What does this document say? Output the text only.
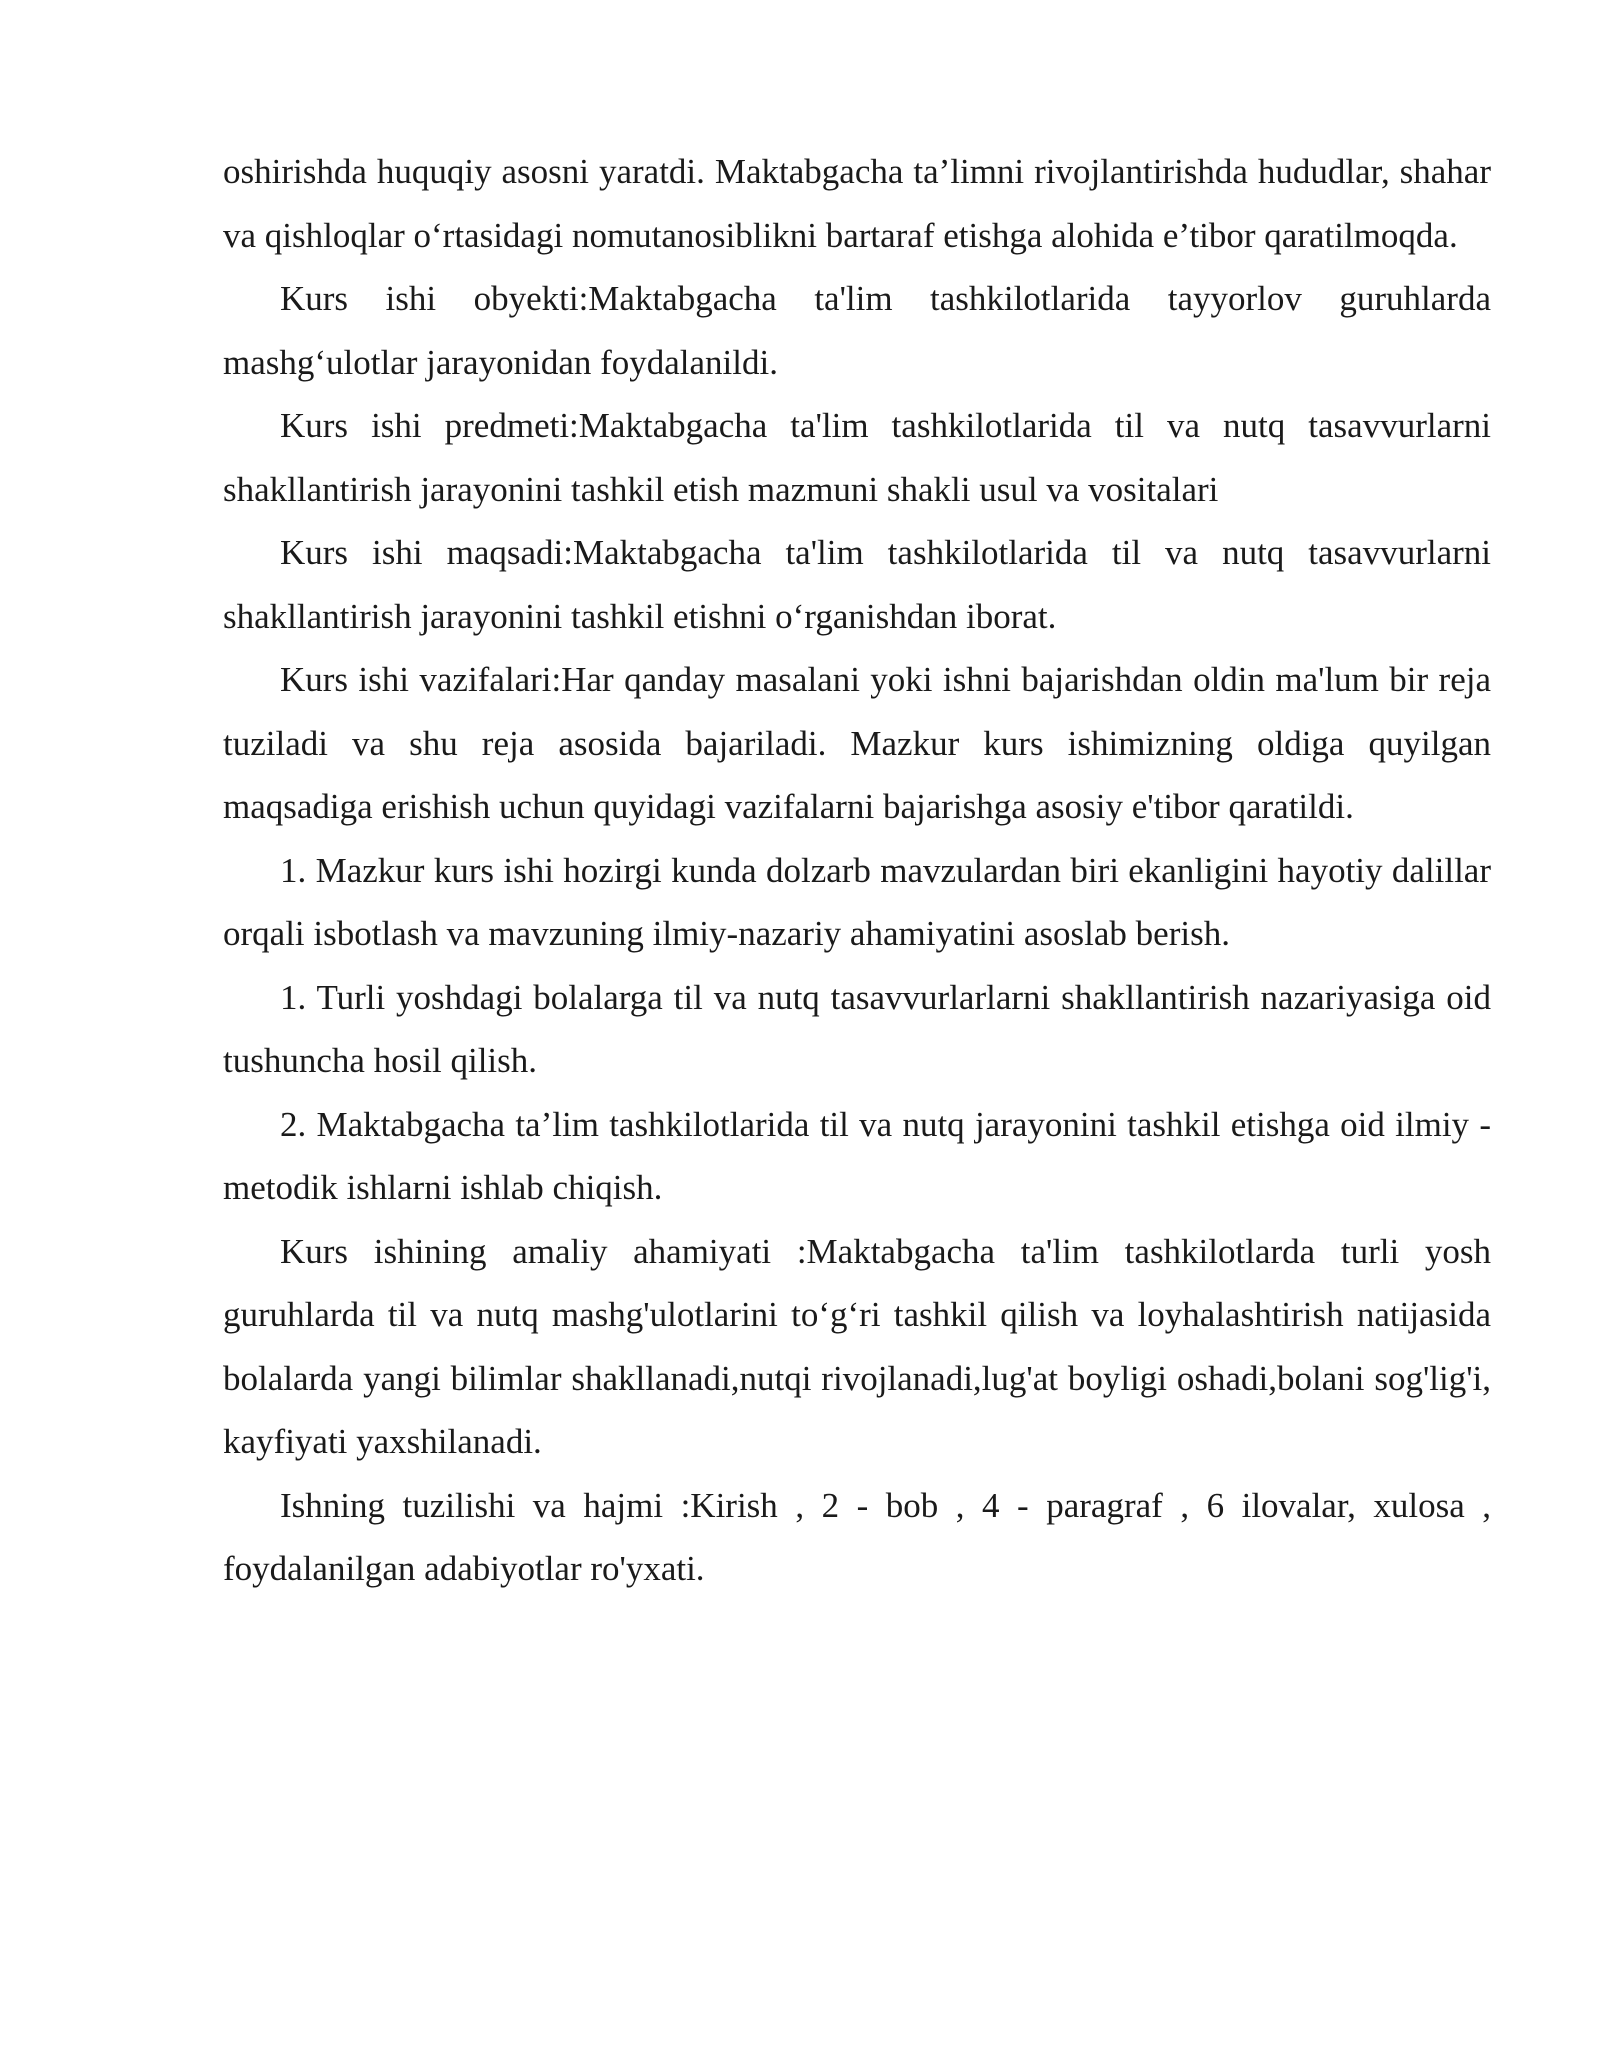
oshirishda huquqiy asosni yaratdi. Maktabgacha ta’limni rivojlantirishda hududlar, shahar va qishloqlar o‘rtasidagi nomutanosiblikni bartaraf etishga alohida e’tibor qaratilmoqda.

Kurs ishi obyekti:Maktabgacha ta'lim tashkilotlarida tayyorlov guruhlarda mashg‘ulotlar jarayonidan foydalanildi.

Kurs ishi predmeti:Maktabgacha ta'lim tashkilotlarida til va nutq tasavvurlarni shakllantirish jarayonini tashkil etish mazmuni shakli usul va vositalari

Kurs ishi maqsadi:Maktabgacha ta'lim tashkilotlarida til va nutq tasavvurlarni shakllantirish jarayonini tashkil etishni o‘rganishdan iborat.

Kurs ishi vazifalari:Har qanday masalani yoki ishni bajarishdan oldin ma'lum bir reja tuziladi va shu reja asosida bajariladi. Mazkur kurs ishimizning oldiga quyilgan maqsadiga erishish uchun quyidagi vazifalarni bajarishga asosiy e'tibor qaratildi.

1. Mazkur kurs ishi hozirgi kunda dolzarb mavzulardan biri ekanligini hayotiy dalillar orqali isbotlash va mavzuning ilmiy-nazariy ahamiyatini asoslab berish.

1. Turli yoshdagi bolalarga til va nutq tasavvurlarlarni shakllantirish nazariyasiga oid tushuncha hosil qilish.

2. Maktabgacha ta’lim tashkilotlarida til va nutq jarayonini tashkil etishga oid ilmiy - metodik ishlarni ishlab chiqish.

Kurs ishining amaliy ahamiyati :Maktabgacha ta'lim tashkilotlarda turli yosh guruhlarda til va nutq mashg'ulotlarini to‘g‘ri tashkil qilish va loyhalashtirish natijasida bolalarda yangi bilimlar shakllanadi,nutqi rivojlanadi,lug'at boyligi oshadi,bolani sog'lig'i, kayfiyati yaxshilanadi.

Ishning tuzilishi va hajmi :Kirish , 2 - bob , 4 - paragraf , 6 ilovalar, xulosa , foydalanilgan adabiyotlar ro'yxati.
